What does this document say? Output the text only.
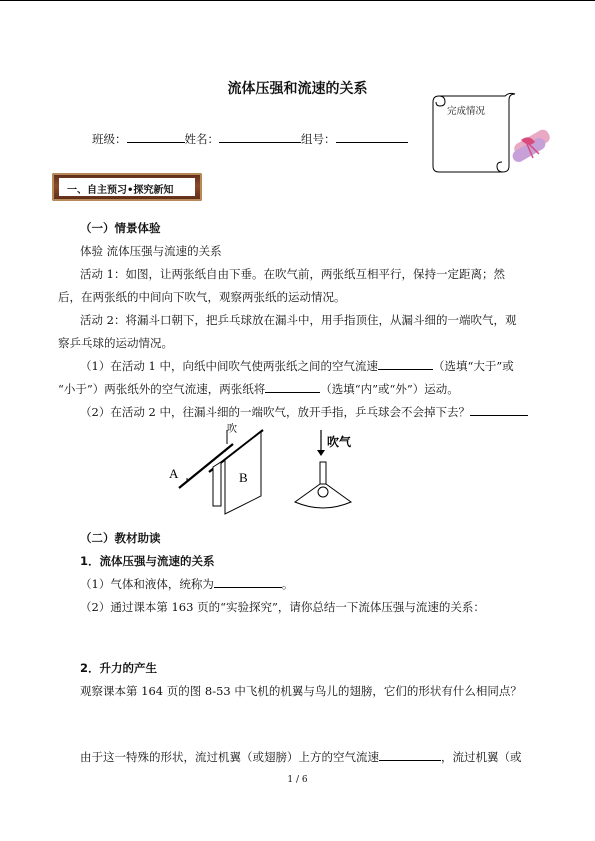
流体压强和流速的关系
完成情况
班级：	姓名：	组号：
一、自主预习•探究新知
（一）情景体验
体验 流体压强与流速的关系
活动 1：如图，让两张纸自由下垂。在吹气前，两张纸互相平行，保持一定距离；然
后，在两张纸的中间向下吹气，观察两张纸的运动情况。
活动 2：将漏斗口朝下，把乒乓球放在漏斗中，用手指顶住，从漏斗细的一端吹气，观
察乒乓球的运动情况。
（1）在活动 1 中，向纸中间吹气使两张纸之间的空气流速	（选填“大于”或
“小于”）两张纸外的空气流速，两张纸将	（选填“内”或“外”）运动。
（2）在活动 2 中，往漏斗细的一端吹气，放开手指，乒乓球会不会掉下去？
A	B
吹
吹气
（二）教材助读
1．流体压强与流速的关系
（1）气体和液体，统称为	。
（2）通过课本第 163 页的“实验探究”，请你总结一下流体压强与流速的关系：
2．升力的产生
观察课本第 164 页的图 8-53 中飞机的机翼与鸟儿的翅膀，它们的形状有什么相同点？
由于这一特殊的形状，流过机翼（或翅膀）上方的空气流速	，流过机翼（或
1 / 6
